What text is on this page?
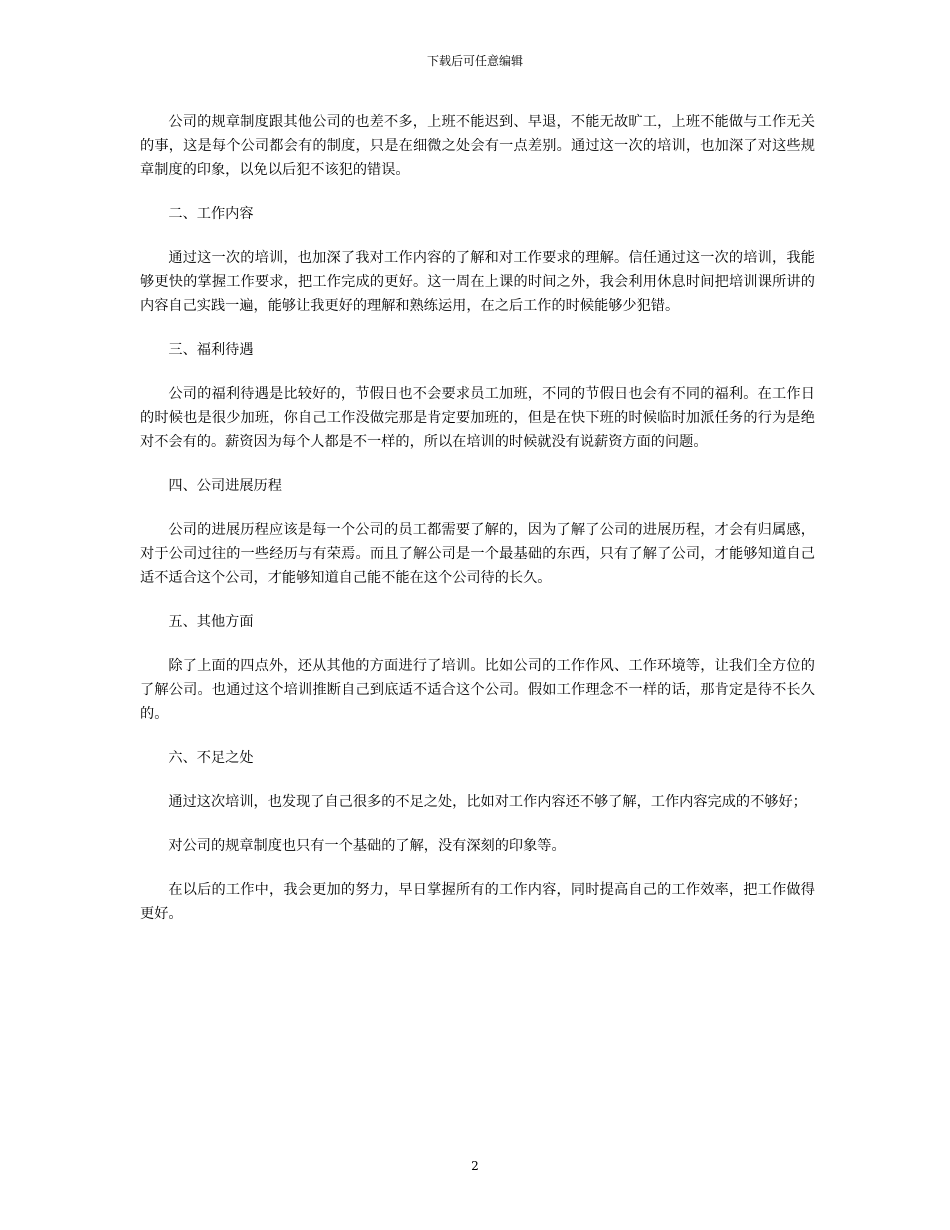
下载后可任意编辑

公司的规章制度跟其他公司的也差不多，上班不能迟到、早退，不能无故旷工，上班不能做与工作无关的事，这是每个公司都会有的制度，只是在细微之处会有一点差别。通过这一次的培训，也加深了对这些规章制度的印象，以免以后犯不该犯的错误。

二、工作内容

通过这一次的培训，也加深了我对工作内容的了解和对工作要求的理解。信任通过这一次的培训，我能够更快的掌握工作要求，把工作完成的更好。这一周在上课的时间之外，我会利用休息时间把培训课所讲的内容自己实践一遍，能够让我更好的理解和熟练运用，在之后工作的时候能够少犯错。

三、福利待遇

公司的福利待遇是比较好的，节假日也不会要求员工加班，不同的节假日也会有不同的福利。在工作日的时候也是很少加班，你自己工作没做完那是肯定要加班的，但是在快下班的时候临时加派任务的行为是绝对不会有的。薪资因为每个人都是不一样的，所以在培训的时候就没有说薪资方面的问题。

四、公司进展历程

公司的进展历程应该是每一个公司的员工都需要了解的，因为了解了公司的进展历程，才会有归属感，对于公司过往的一些经历与有荣焉。而且了解公司是一个最基础的东西，只有了解了公司，才能够知道自己适不适合这个公司，才能够知道自己能不能在这个公司待的长久。

五、其他方面

除了上面的四点外，还从其他的方面进行了培训。比如公司的工作作风、工作环境等，让我们全方位的了解公司。也通过这个培训推断自己到底适不适合这个公司。假如工作理念不一样的话，那肯定是待不长久的。

六、不足之处

通过这次培训，也发现了自己很多的不足之处，比如对工作内容还不够了解，工作内容完成的不够好；

对公司的规章制度也只有一个基础的了解，没有深刻的印象等。

在以后的工作中，我会更加的努力，早日掌握所有的工作内容，同时提高自己的工作效率，把工作做得更好。

2
